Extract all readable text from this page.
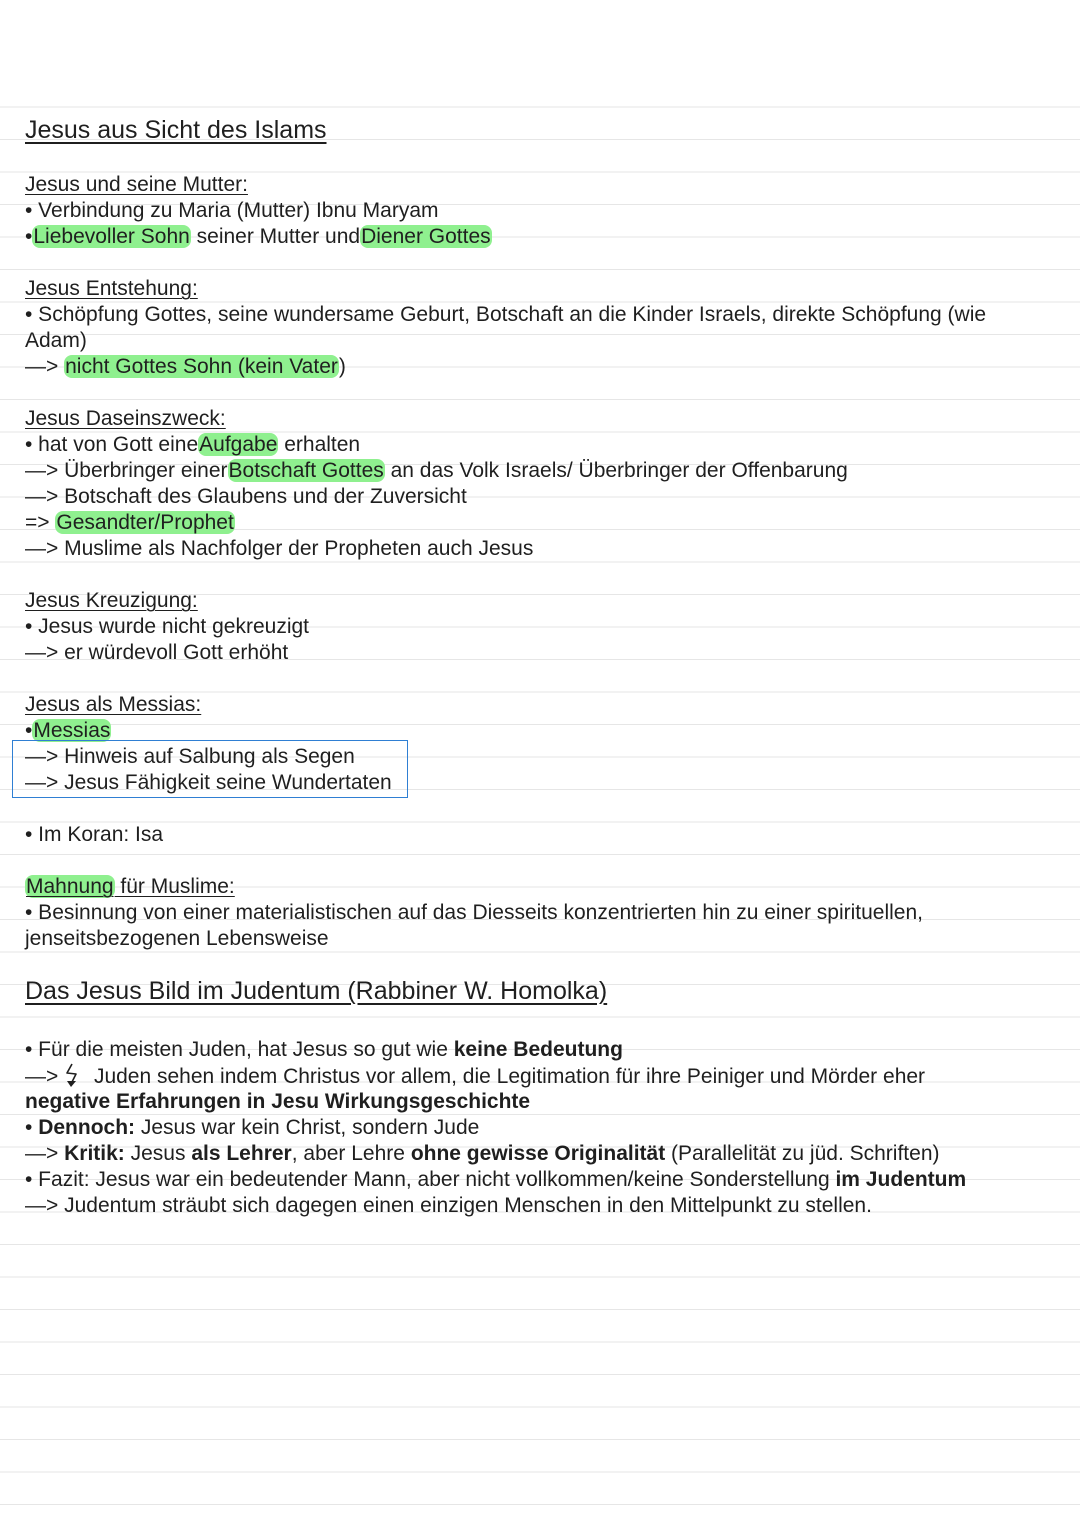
Jesus aus Sicht des Islams
Jesus und seine Mutter:
• Verbindung zu Maria (Mutter) Ibnu Maryam
•Liebevoller Sohn seiner Mutter undDiener Gottes
Jesus Entstehung:
• Schöpfung Gottes, seine wundersame Geburt, Botschaft an die Kinder Israels, direkte Schöpfung (wie
Adam)
—> nicht Gottes Sohn (kein Vater)
Jesus Daseinszweck:
• hat von Gott eineAufgabe erhalten
—> Überbringer einerBotschaft Gottes an das Volk Israels/ Überbringer der Offenbarung
—> Botschaft des Glaubens und der Zuversicht
=> Gesandter/Prophet
—> Muslime als Nachfolger der Propheten auch Jesus
Jesus Kreuzigung:
• Jesus wurde nicht gekreuzigt
—> er würdevoll Gott erhöht
Jesus als Messias:
•Messias
—> Hinweis auf Salbung als Segen
—> Jesus Fähigkeit seine Wundertaten
• Im Koran: Isa
Mahnung für Muslime:
• Besinnung von einer materialistischen auf das Diesseits konzentrierten hin zu einer spirituellen,
jenseitsbezogenen Lebensweise
Das Jesus Bild im Judentum (Rabbiner W. Homolka)
• Für die meisten Juden, hat Jesus so gut wie keine Bedeutung
—>  Juden sehen indem Christus vor allem, die Legitimation für ihre Peiniger und Mörder eher
negative Erfahrungen in Jesu Wirkungsgeschichte
• Dennoch: Jesus war kein Christ, sondern Jude
—> Kritik: Jesus als Lehrer, aber Lehre ohne gewisse Originalität (Parallelität zu jüd. Schriften)
• Fazit: Jesus war ein bedeutender Mann, aber nicht vollkommen/keine Sonderstellung im Judentum
—> Judentum sträubt sich dagegen einen einzigen Menschen in den Mittelpunkt zu stellen.
